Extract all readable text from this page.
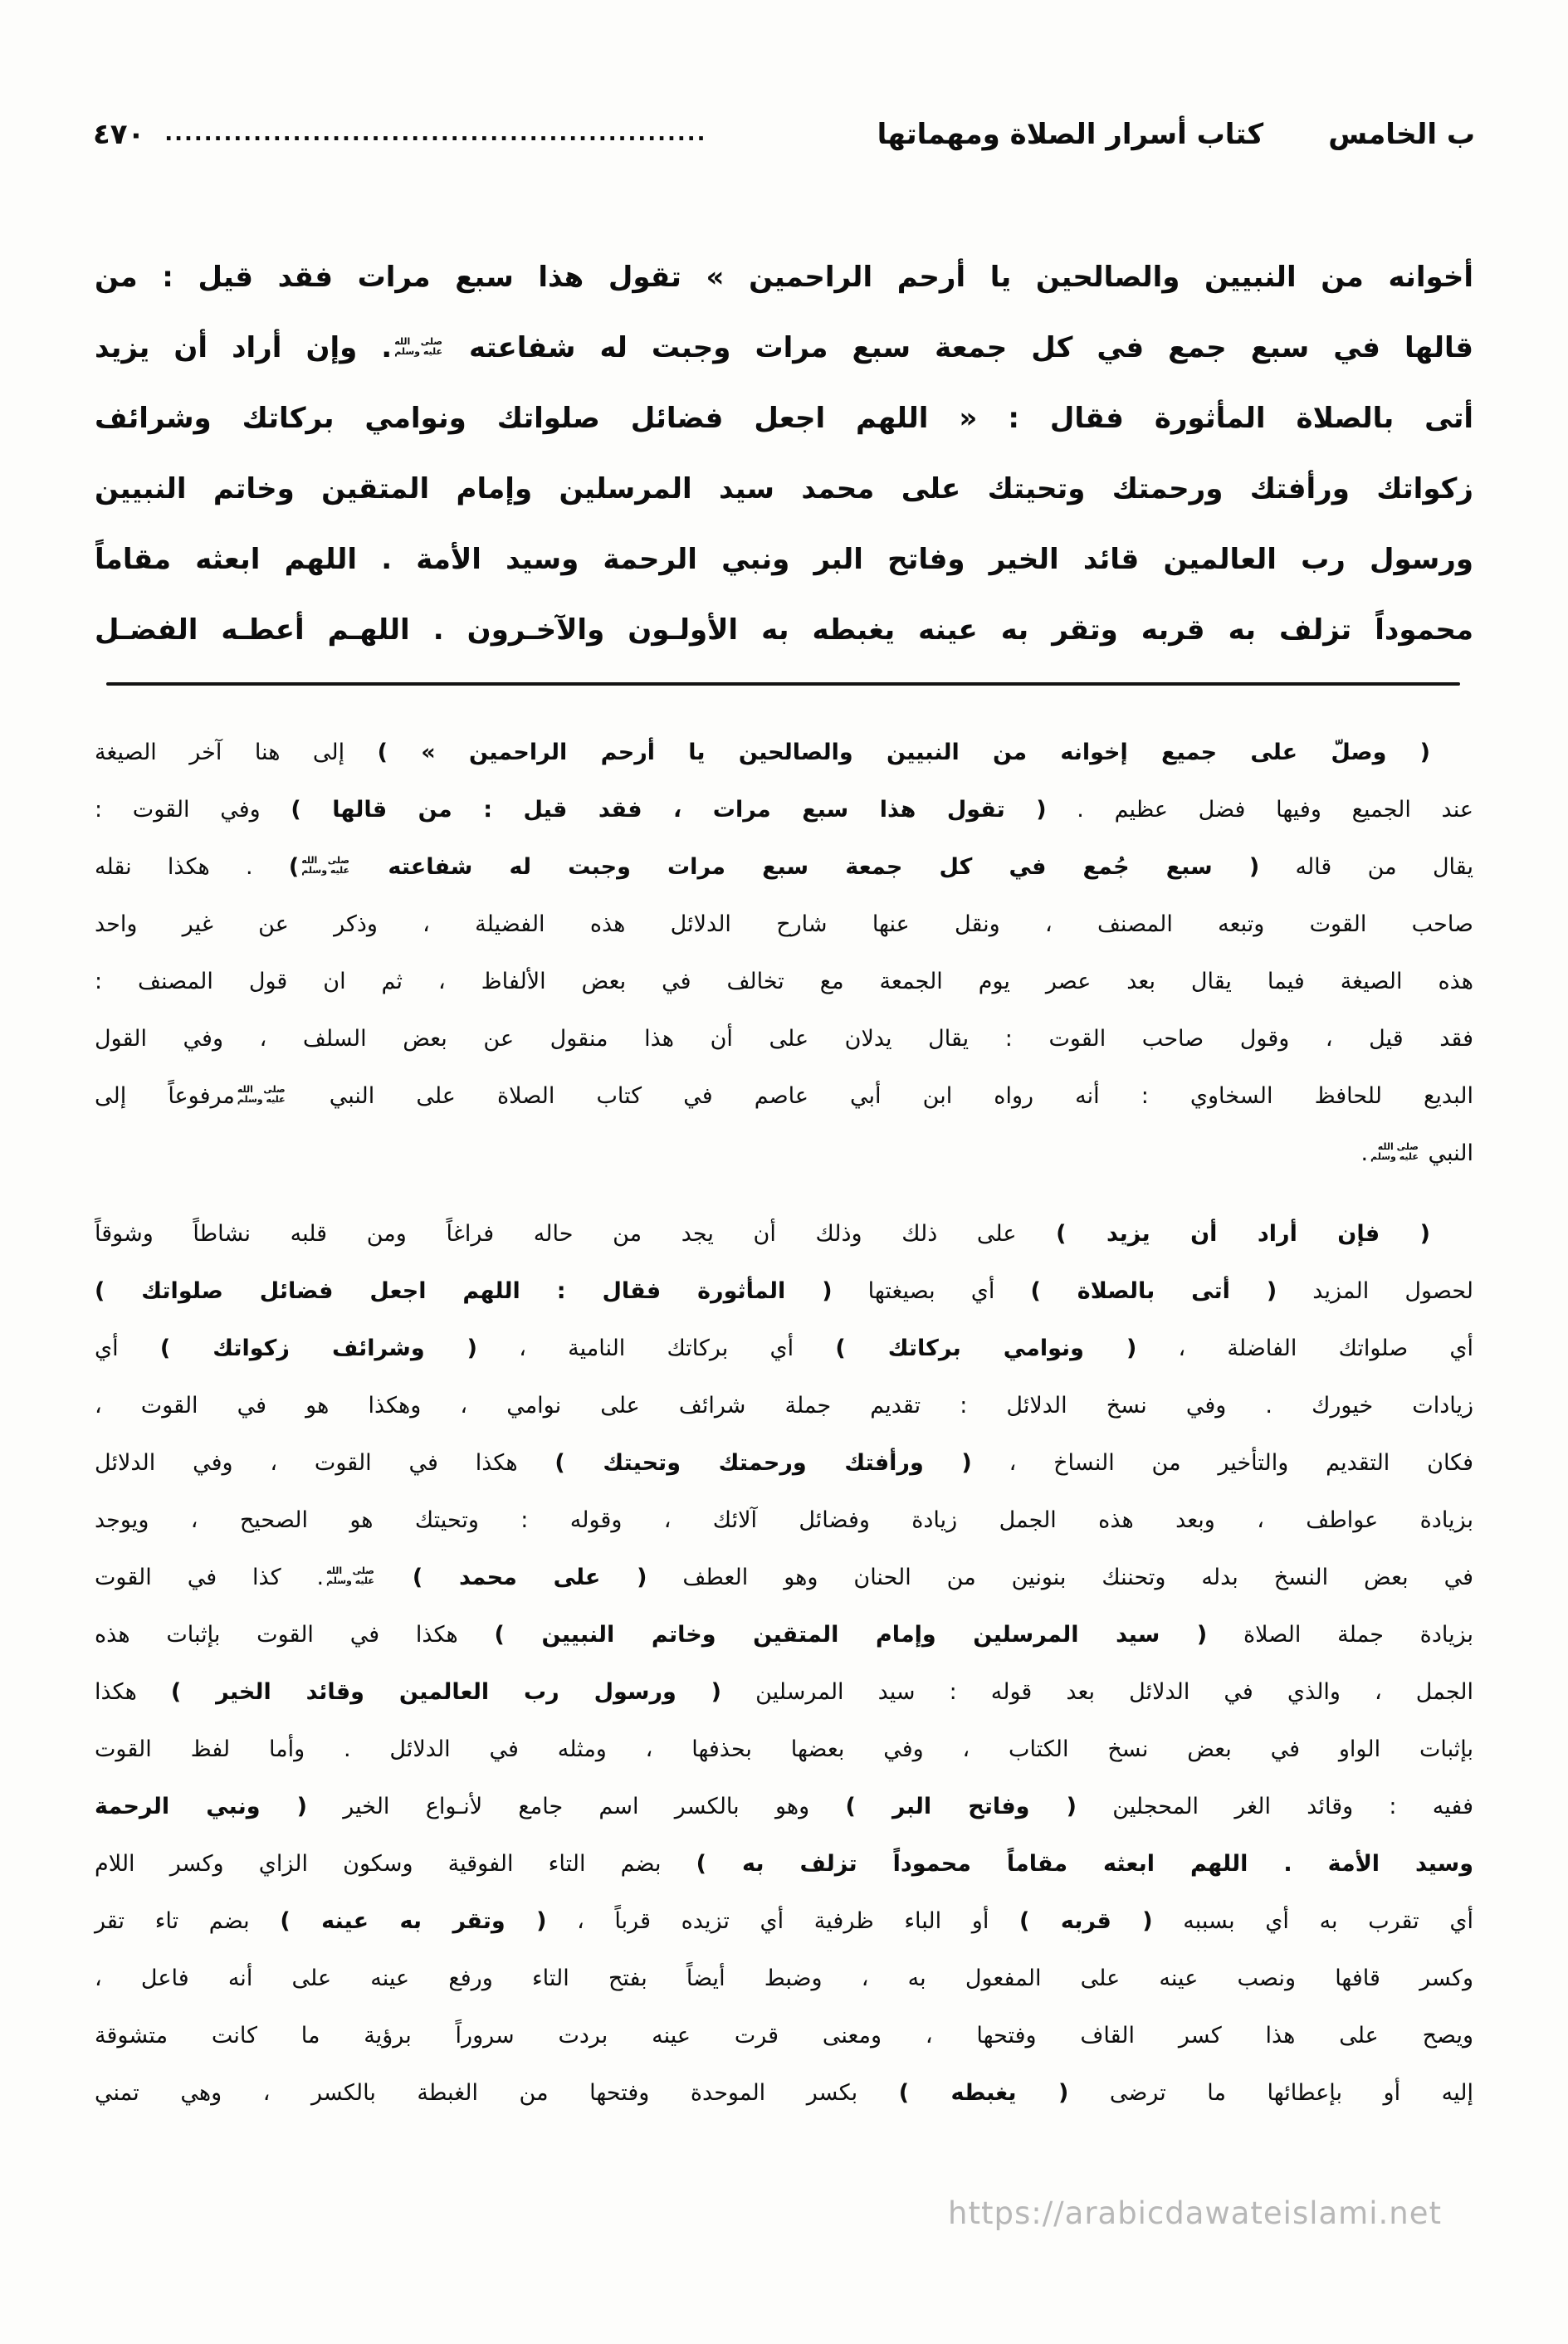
ب الخامس
كتاب أسرار الصلاة ومهماتها
.......................................................
٤٧٠
أخوانه من النبيين والصالحين يا أرحم الراحمين » تقول هذا سبع مرات فقد قيل : من
قالها في سبع جمع في كل جمعة سبع مرات وجبت له شفاعته
صلى الله
عليه وسلم
. وإن أراد أن يزيد
أتى بالصلاة المأثورة فقال : « اللهم اجعل فضائل صلواتك ونوامي بركاتك وشرائف
زكواتك ورأفتك ورحمتك وتحيتك على محمد سيد المرسلين وإمام المتقين وخاتم النبيين
ورسول رب العالمين قائد الخير وفاتح البر ونبي الرحمة وسيد الأمة . اللهم ابعثه مقاماً
محموداً تزلف به قربه وتقر به عينه يغبطه به الأولـون والآخـرون . اللهـم أعطـه الفضـل
( وصلّ على جميع إخوانه من النبيين والصالحين يا أرحم الراحمين » ) إلى هنا آخر الصيغة
عند الجميع وفيها فضل عظيم . ( تقول هذا سبع مرات ، فقد قيل : من قالها ) وفي القوت :
يقال من قاله ( سبع جُمع في كل جمعة سبع مرات وجبت له شفاعته
صلى الله
عليه وسلم
) . هكذا نقله
صاحب القوت وتبعه المصنف ، ونقل عنها شارح الدلائل هذه الفضيلة ، وذكر عن غير واحد
هذه الصيغة فيما يقال بعد عصر يوم الجمعة مع تخالف في بعض الألفاظ ، ثم ان قول المصنف :
فقد قيل ، وقول صاحب القوت : يقال يدلان على أن هذا منقول عن بعض السلف ، وفي القول
البديع للحافظ السخاوي : أنه رواه ابن أبي عاصم في كتاب الصلاة على النبي
صلى الله
عليه وسلم
مرفوعاً إلى
النبي
صلى الله
عليه وسلم
.
( فإن أراد أن يزيد ) على ذلك وذلك أن يجد من حاله فراغاً ومن قلبه نشاطاً وشوقاً
لحصول المزيد ( أتى بالصلاة ) أي بصيغتها ( المأثورة فقال : اللهم اجعل فضائل صلواتك )
أي صلواتك الفاضلة ، ( ونوامي بركاتك ) أي بركاتك النامية ، ( وشرائف زكواتك ) أي
زيادات خيورك . وفي نسخ الدلائل : تقديم جملة شرائف على نوامي ، وهكذا هو في القوت ،
فكان التقديم والتأخير من النساخ ، ( ورأفتك ورحمتك وتحيتك ) هكذا في القوت ، وفي الدلائل
بزيادة عواطف ، وبعد هذه الجمل زيادة وفضائل آلائك ، وقوله : وتحيتك هو الصحيح ، ويوجد
في بعض النسخ بدله وتحننك بنونين من الحنان وهو العطف ( على محمد )
صلى الله
عليه وسلم
. كذا في القوت
بزيادة جملة الصلاة ( سيد المرسلين وإمام المتقين وخاتم النبيين ) هكذا في القوت بإثبات هذه
الجمل ، والذي في الدلائل بعد قوله : سيد المرسلين ( ورسول رب العالمين وقائد الخير ) هكذا
بإثبات الواو في بعض نسخ الكتاب ، وفي بعضها بحذفها ، ومثله في الدلائل . وأما لفظ القوت
ففيه : وقائد الغر المحجلين ( وفاتح البر ) وهو بالكسر اسم جامع لأنـواع الخير ( ونبي الرحمة
وسيد الأمة . اللهم ابعثه مقاماً محموداً تزلف به ) بضم التاء الفوقية وسكون الزاي وكسر اللام
أي تقرب به أي بسببه ( قربه ) أو الباء ظرفية أي تزيده قرباً ، ( وتقر به عينه ) بضم تاء تقر
وكسر قافها ونصب عينه على المفعول به ، وضبط أيضاً بفتح التاء ورفع عينه على أنه فاعل ،
ويصح على هذا كسر القاف وفتحها ، ومعنى قرت عينه بردت سروراً برؤية ما كانت متشوقة
إليه أو بإعطائها ما ترضى ( يغبطه ) بكسر الموحدة وفتحها من الغبطة بالكسر ، وهي تمني
https://arabicdawateislami.net
